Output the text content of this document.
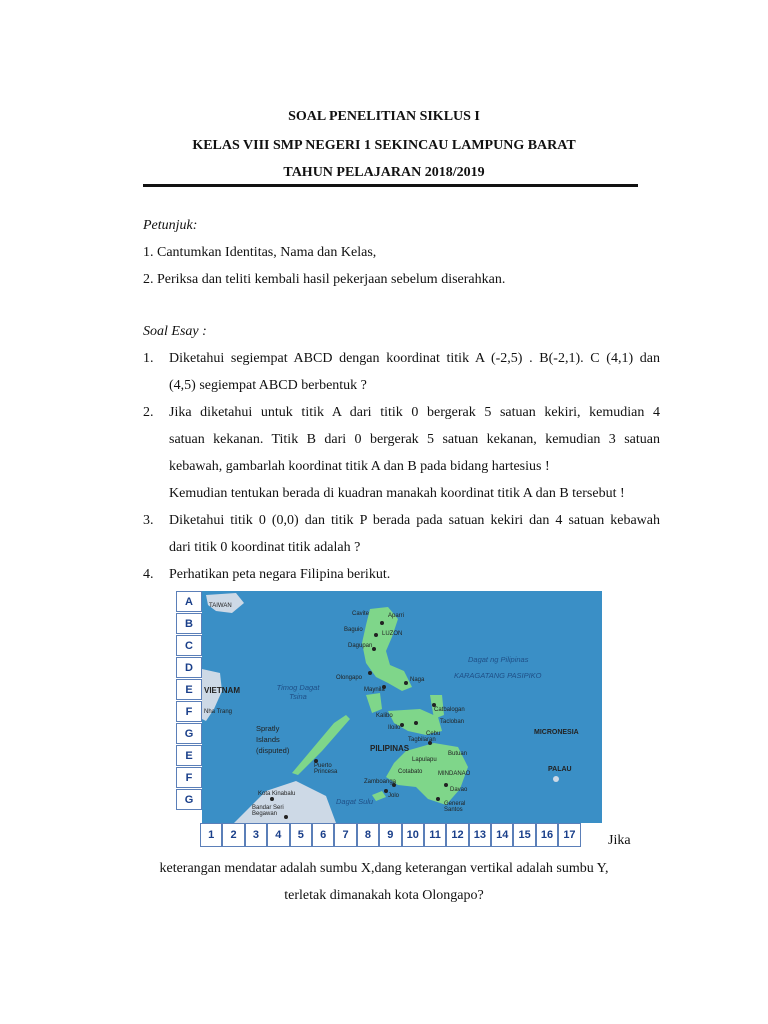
SOAL PENELITIAN SIKLUS I
KELAS VIII SMP NEGERI 1 SEKINCAU LAMPUNG BARAT
TAHUN PELAJARAN 2018/2019
Petunjuk:
1. Cantumkan Identitas, Nama dan Kelas,
2. Periksa dan teliti kembali hasil pekerjaan sebelum diserahkan.
Soal Esay :
1. Diketahui segiempat ABCD dengan koordinat titik A (-2,5) . B(-2,1). C (4,1) dan
(4,5) segiempat ABCD berbentuk ?
2. Jika diketahui untuk titik A dari titik 0 bergerak 5 satuan kekiri, kemudian 4
satuan kekanan. Titik B dari 0 bergerak 5 satuan kekanan, kemudian 3 satuan
kebawah, gambarlah koordinat titik A dan B pada bidang hartesius !
Kemudian tentukan berada di kuadran manakah koordinat titik A dan B tersebut !
3. Diketahui titik 0 (0,0) dan titik P berada pada satuan kekiri dan 4 satuan kebawah
dari titik 0 koordinat titik adalah ?
4. Perhatikan peta negara Filipina berikut.
TAIWAN
VIETNAM
Nha Trang
Timog Dagat Tsina
Spratly Islands (disputed)	PILIPINAS
Dagat ng Pilipinas
KARAGATANG PASIPIKO
MICRONESIA
PALAU
Dagat Sulu
Cavite	Aparri
Baguio
LUZON
Dagupan
Olongapo
Maynila
Naga
Catbalogan
Tacloban
Cebu
Iloilo
Tagbilaran
Butuan
Kalibo
MINDANAO
Zamboanga
Cotabato
Davao
General Santos
Jolo
Kota Kinabalu
Bandar Seri Begawan
Puerto Princesa
Lapulapu
A
B
C
D
E
F
G
E
F
G
1	2	3	4	5	6	7	8	9	10 11 12 13 14 15 16 17	Jika
keterangan mendatar adalah sumbu X,dang keterangan vertikal adalah sumbu Y,
terletak dimanakah kota Olongapo?
